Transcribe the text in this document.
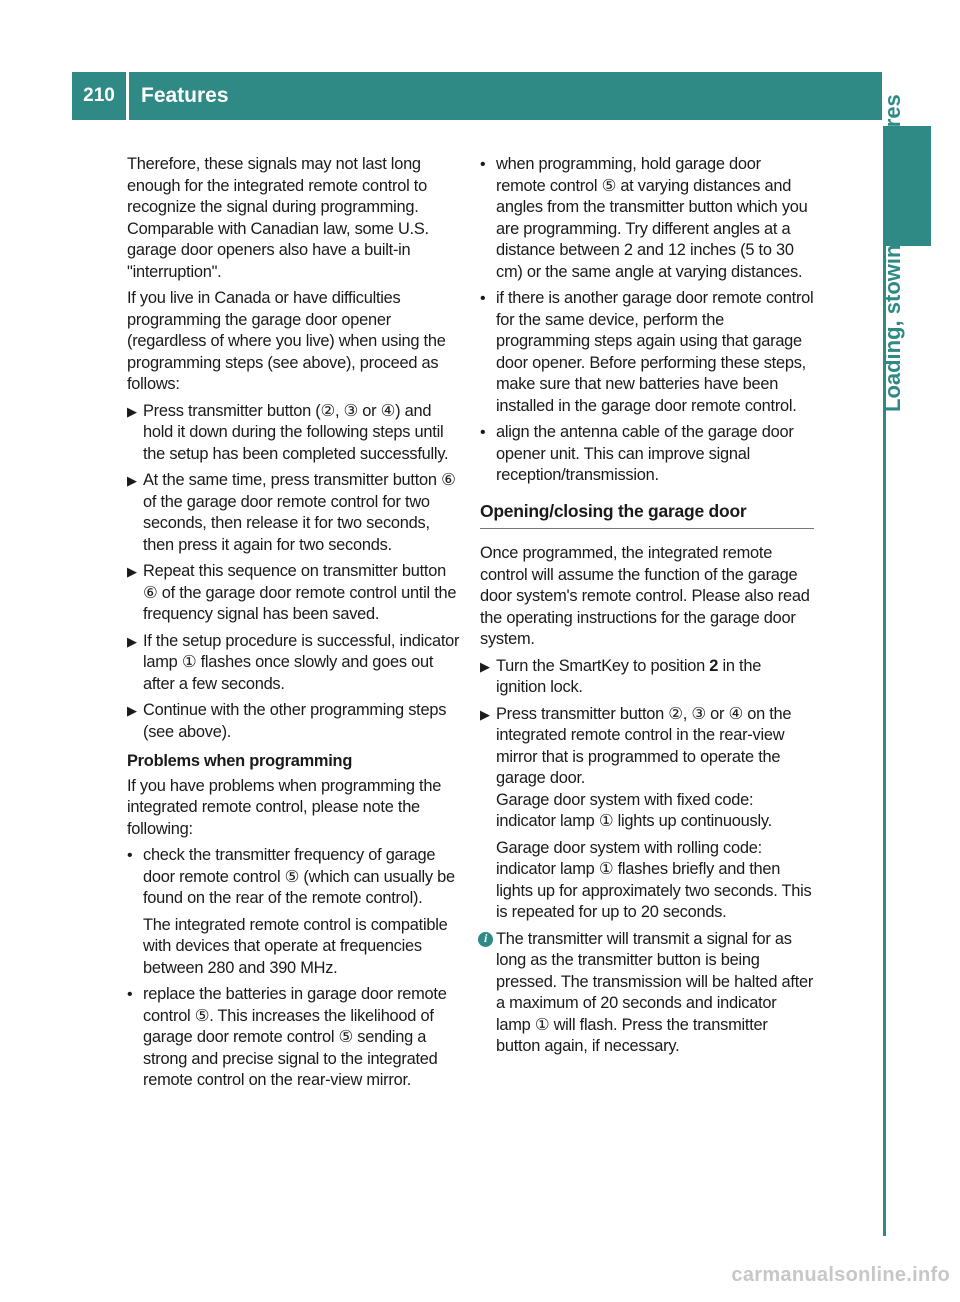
210	Features	Loading, stowing and features

Therefore, these signals may not last long enough for the integrated remote control to recognize the signal during programming. Comparable with Canadian law, some U.S. garage door openers also have a built-in "interruption".

If you live in Canada or have difficulties programming the garage door opener (regardless of where you live) when using the programming steps (see above), proceed as follows:

▶ Press transmitter button (②, ③ or ④) and hold it down during the following steps until the setup has been completed successfully.
▶ At the same time, press transmitter button ⑥ of the garage door remote control for two seconds, then release it for two seconds, then press it again for two seconds.
▶ Repeat this sequence on transmitter button ⑥ of the garage door remote control until the frequency signal has been saved.
▶ If the setup procedure is successful, indicator lamp ① flashes once slowly and goes out after a few seconds.
▶ Continue with the other programming steps (see above).
Problems when programming

If you have problems when programming the integrated remote control, please note the following:

• check the transmitter frequency of garage door remote control ⑤ (which can usually be found on the rear of the remote control).

The integrated remote control is compatible with devices that operate at frequencies between 280 and 390 MHz.

• replace the batteries in garage door remote control ⑤. This increases the likelihood of garage door remote control ⑤ sending a strong and precise signal to the integrated remote control on the rear-view mirror.
• when programming, hold garage door remote control ⑤ at varying distances and angles from the transmitter button which you are programming. Try different angles at a distance between 2 and 12 inches (5 to 30 cm) or the same angle at varying distances.
• if there is another garage door remote control for the same device, perform the programming steps again using that garage door opener. Before performing these steps, make sure that new batteries have been installed in the garage door remote control.
• align the antenna cable of the garage door opener unit. This can improve signal reception/transmission.
Opening/closing the garage door

Once programmed, the integrated remote control will assume the function of the garage door system's remote control. Please also read the operating instructions for the garage door system.

▶ Turn the SmartKey to position 2 in the ignition lock.
▶ Press transmitter button ②, ③ or ④ on the integrated remote control in the rear-view mirror that is programmed to operate the garage door.

Garage door system with fixed code: indicator lamp ① lights up continuously.

Garage door system with rolling code: indicator lamp ① flashes briefly and then lights up for approximately two seconds. This is repeated for up to 20 seconds.

i The transmitter will transmit a signal for as long as the transmitter button is being pressed. The transmission will be halted after a maximum of 20 seconds and indicator lamp ① will flash. Press the transmitter button again, if necessary.
carmanualsonline.info
